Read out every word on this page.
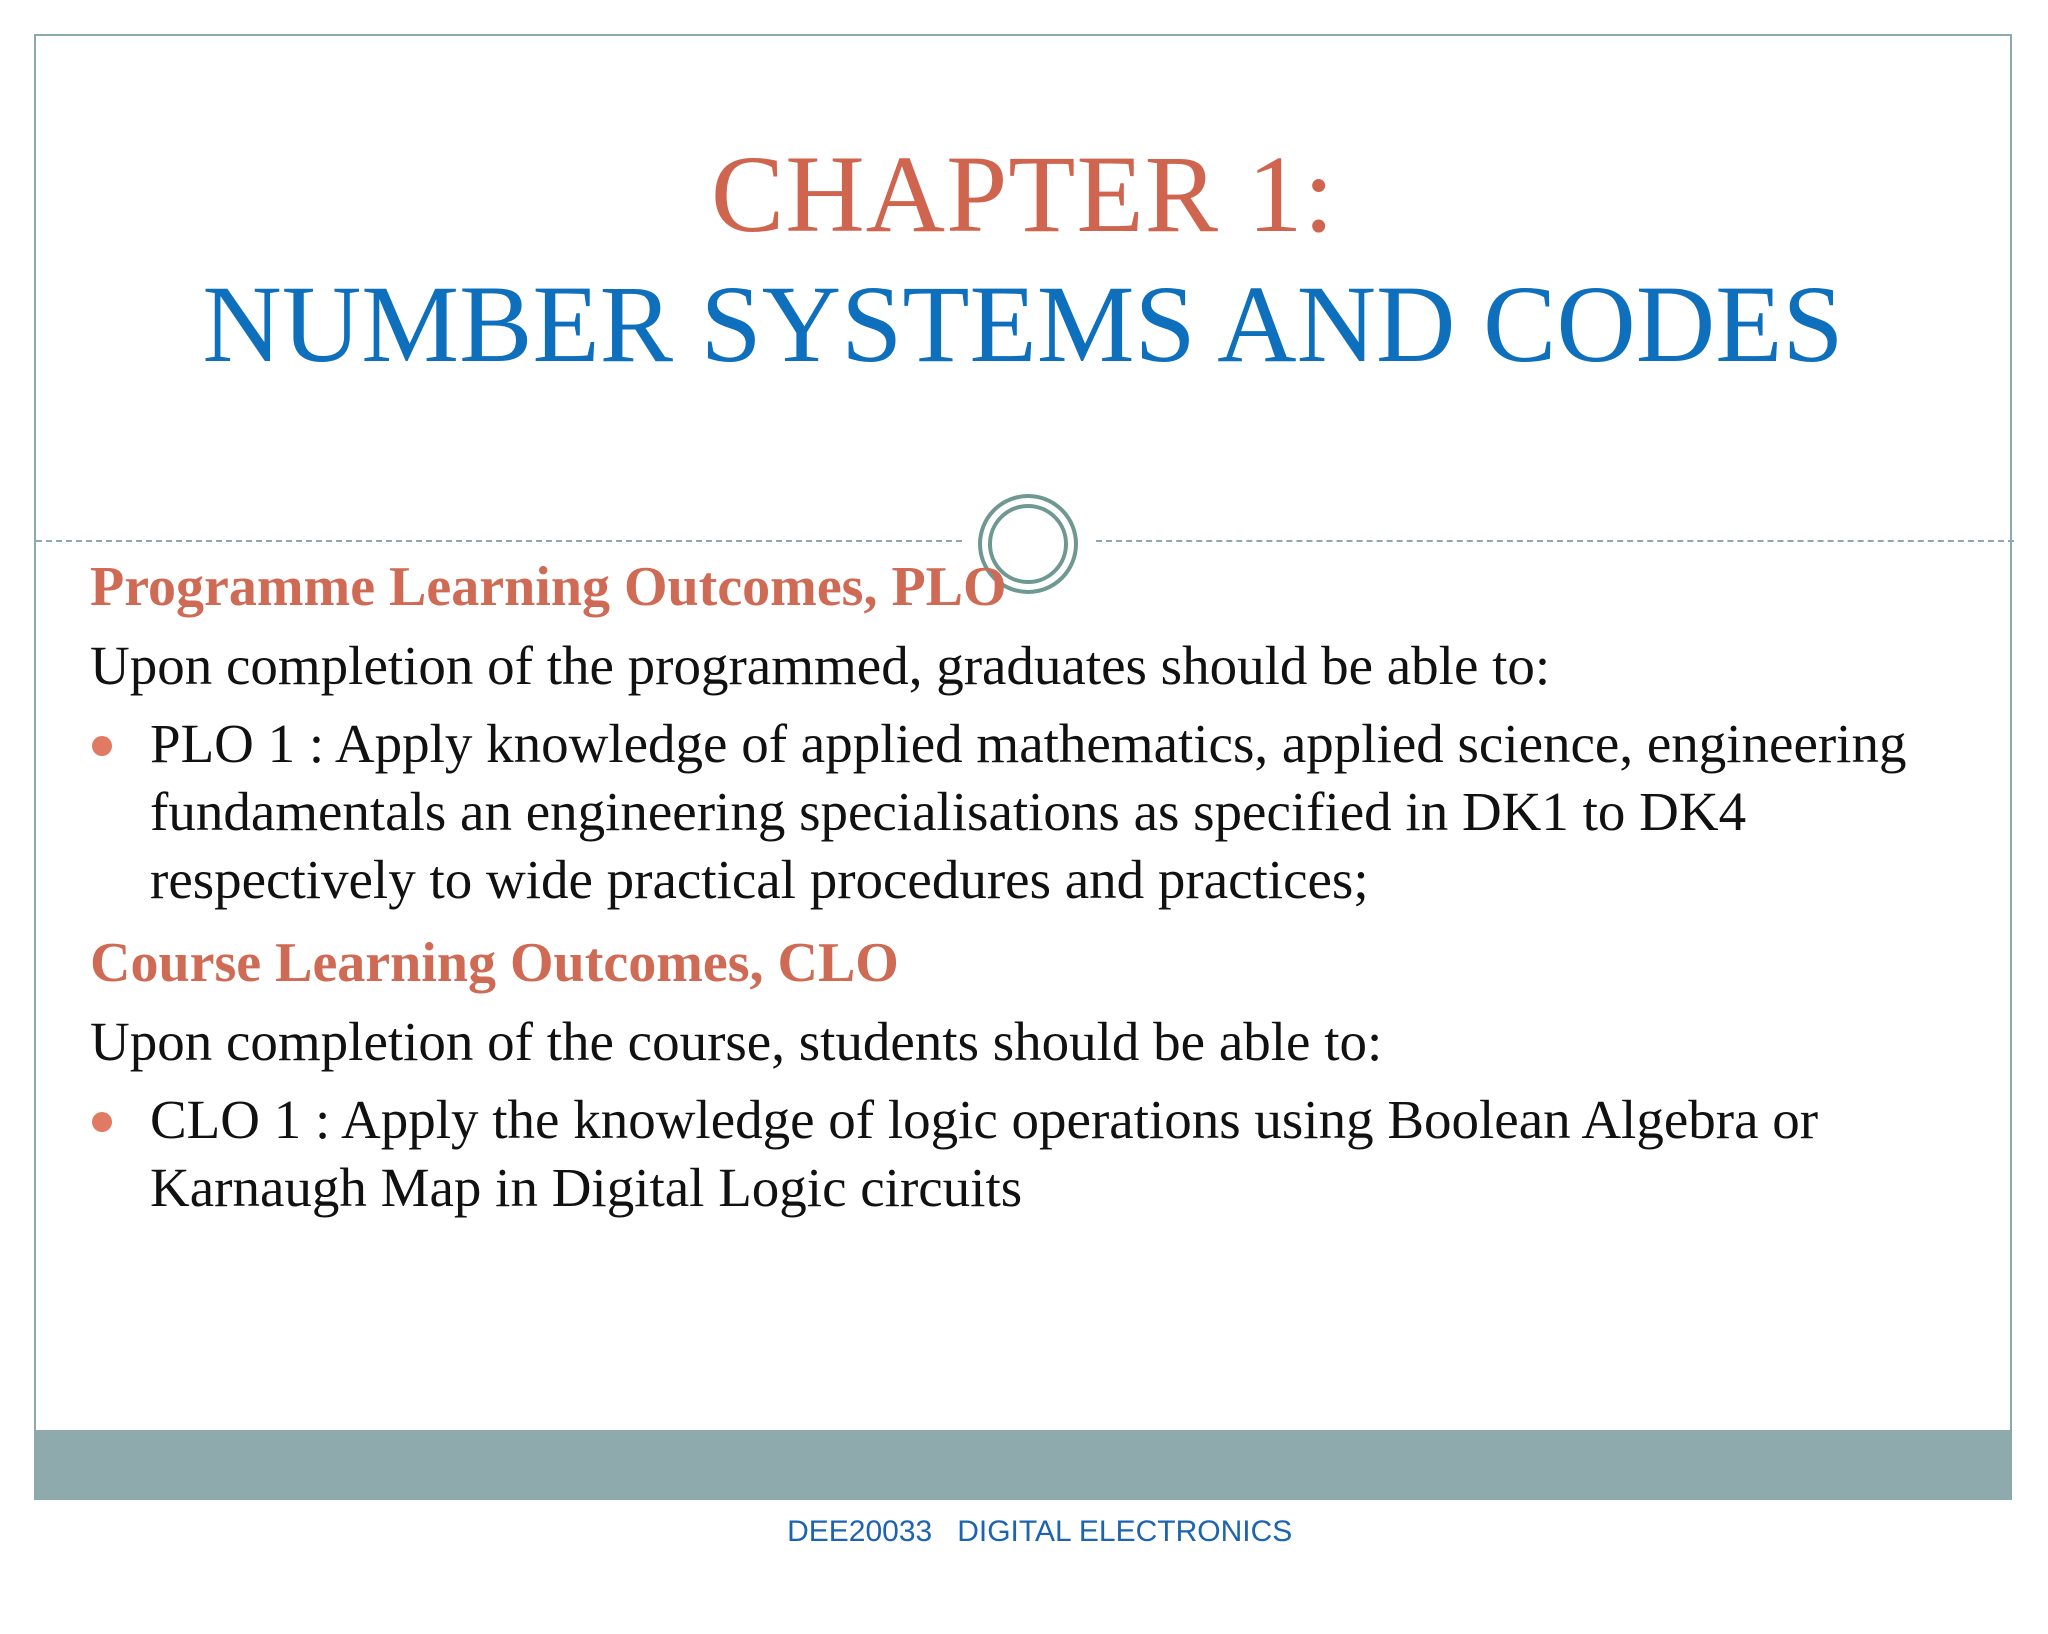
CHAPTER 1:
NUMBER SYSTEMS AND CODES

Programme Learning Outcomes, PLO

Upon completion of the programmed, graduates should be able to:

PLO 1 : Apply knowledge of applied mathematics, applied science, engineering fundamentals an engineering specialisations as specified in DK1 to DK4 respectively to wide practical procedures and practices;

Course Learning Outcomes, CLO

Upon completion of the course, students should be able to:

CLO 1 : Apply the knowledge of logic operations using Boolean Algebra or Karnaugh Map in Digital Logic circuits

DEE20033   DIGITAL ELECTRONICS
